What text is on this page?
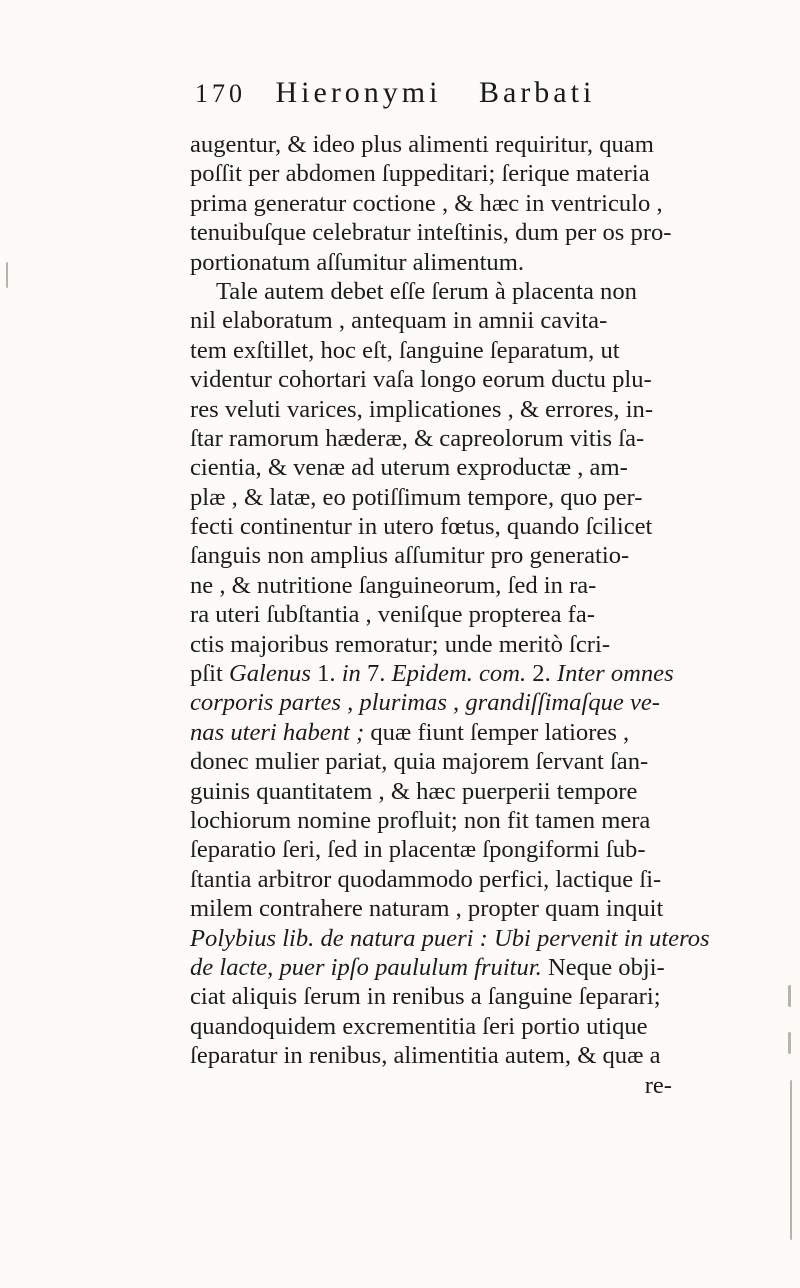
170 Hieronymi Barbati
augentur, & ideo plus alimenti requiritur, quam
poſſit per abdomen ſuppeditari; ſerique materia
prima generatur coctione , & hæc in ventriculo ,
tenuibuſque celebratur inteſtinis, dum per os pro-
portionatum aſſumitur alimentum.
Tale autem debet eſſe ſerum à placenta non
nil elaboratum , antequam in amnii cavita-
tem exſtillet, hoc eſt, ſanguine ſeparatum, ut
videntur cohortari vaſa longo eorum ductu plu-
res veluti varices, implicationes , & errores, in-
ſtar ramorum hæderæ, & capreolorum vitis ſa-
cientia, & venæ ad uterum exproductæ , am-
plæ , & latæ, eo potiſſimum tempore, quo per-
fecti continentur in utero fœtus, quando ſcilicet
ſanguis non amplius aſſumitur pro generatio-
ne , & nutritione ſanguineorum, ſed in ra-
ra uteri ſubſtantia , veniſque propterea fa-
ctis majoribus remoratur; unde meritò ſcri-
pſit Galenus 1. in 7. Epidem. com. 2. Inter omnes
corporis partes , plurimas , grandiſſimaſque ve-
nas uteri habent ; quæ fiunt ſemper latiores ,
donec mulier pariat, quia majorem ſervant ſan-
guinis quantitatem , & hæc puerperii tempore
lochiorum nomine profluit; non fit tamen mera
ſeparatio ſeri, ſed in placentæ ſpongiformi ſub-
ſtantia arbitror quodammodo perfici, lactique ſi-
milem contrahere naturam , propter quam inquit
Polybius lib. de natura pueri : Ubi pervenit in uteros
de lacte, puer ipſo paululum fruitur. Neque obji-
ciat aliquis ſerum in renibus a ſanguine ſeparari;
quandoquidem excrementitia ſeri portio utique
ſeparatur in renibus, alimentitia autem, & quæ a
re-
